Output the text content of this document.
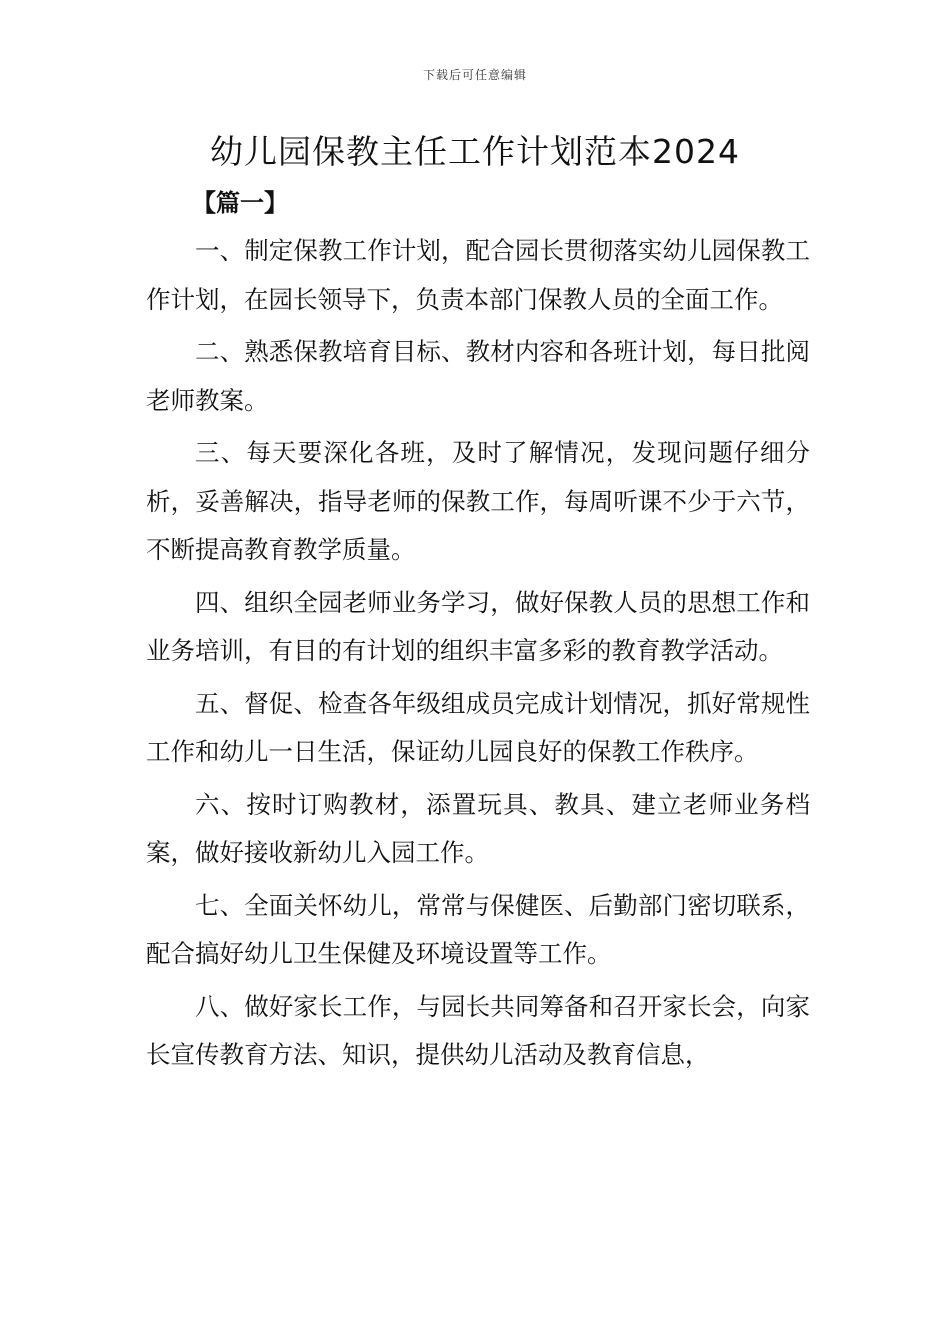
下载后可任意编辑
幼儿园保教主任工作计划范本2024
【篇一】

一、制定保教工作计划，配合园长贯彻落实幼儿园保教工作计划，在园长领导下，负责本部门保教人员的全面工作。

二、熟悉保教培育目标、教材内容和各班计划，每日批阅老师教案。

三、每天要深化各班，及时了解情况，发现问题仔细分析，妥善解决，指导老师的保教工作，每周听课不少于六节，不断提高教育教学质量。

四、组织全园老师业务学习，做好保教人员的思想工作和业务培训，有目的有计划的组织丰富多彩的教育教学活动。

五、督促、检查各年级组成员完成计划情况，抓好常规性工作和幼儿一日生活，保证幼儿园良好的保教工作秩序。

六、按时订购教材，添置玩具、教具、建立老师业务档案，做好接收新幼儿入园工作。

七、全面关怀幼儿，常常与保健医、后勤部门密切联系，配合搞好幼儿卫生保健及环境设置等工作。

八、做好家长工作，与园长共同筹备和召开家长会，向家长宣传教育方法、知识，提供幼儿活动及教育信息，
